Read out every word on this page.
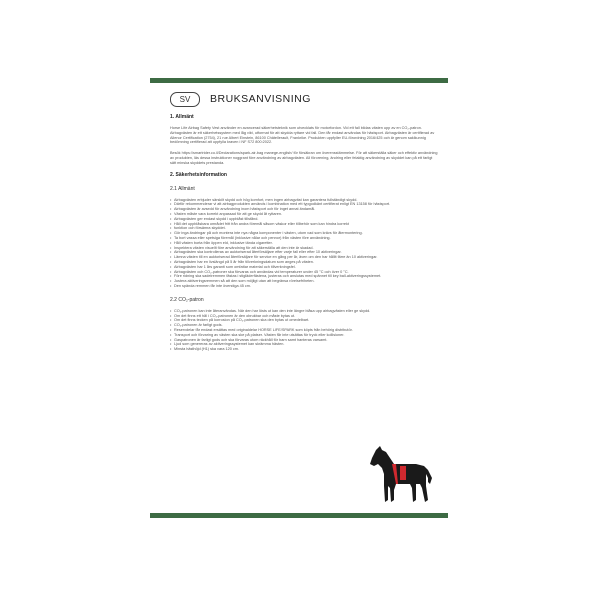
SV	BRUKSANVISNING
1. Allmänt
Horse Life Airbag Safety Vest använder en avancerad säkerhetsteknik som utvecklats för motorfordon. Vid ett fall bildas västen upp av en CO₂-patron. Airbagvästen är ett säkerhetssystem med låg vikt, utformat för att skydda ryttare vid fall. Den får endast användas för hästsport. Airbagvästen är certifierad av Allenor Certification (2754), 21 rue Albert Einstein, 86100 Châtellerault, Frankrike. Produkten uppfyller EU-förordning 2016/425 och är genom saklkunnig bedömning certifierad att uppfylla kraven i NF S72 800:2022.
Besök https://smartrider.co.il/Declarations/spark-air-bag manege-english/ för försäkran om överensstämmelse. För att säkerställa säker och effektiv användning av produkten, läs dessa instruktioner noggrant före användning av airbagvästen. All förorening, ändring eller felaktig användning av skyddet kan på ett farligt sätt minska skyddets prestanda.
2. Säkerhetsinformation
2.1 Allmänt
• Airbagvästen erbjuder särskilt skydd och hög komfort, men ingen airbagväst kan garantera fullständigt skydd.
• Därför rekommenderar vi att airbagprodukten används i kombination med ett typgodkänt certifierat enligt EN 13158 för hästsport.
• Airbagvästen är avsedd för användning inom hästsport och för inget annat ändamål.
• Västen måste vara korrekt anpassad för att ge skydd åt ryttaren.
• Airbagvästen ger endast skydd i uppblåst tillstånd.
• Håll det uppblåsbara området fritt från andra föremål såsom väskor eller tillbehör som kan hindra korrekt
• funktion och försämra skyddet.
• Gör inga ändringar på och montera inte nya några komponenter i västen, utom vad som krävs för återmontering.
• Ta bort vassa eller spetsiga föremål (inklusive nålar och pennor) från västen före användning.
• Håll västen borta från öppen eld, inklusive tända cigaretter.
• Inspektera västen visuellt före användning för att säkerställa att den inte är skadad.
• Airbagvästen ska kontrolleras av auktoriserad återförsäljare efter varje fall eller efter 10 aktiveringar.
• Lämna västen till en auktoriserad återförsäljare för service en gång per år, även om den har hållit färre än 10 aktiveringar.
• Airbagvästen har en livslängd på 5 år från tillverkningsdatum som anges på västen.
• Airbagvästen har 1 års garanti som omfattar material och tillverkningsfel.
• Airbagvästen och CO₂-patroner ska förvaras och användas vid temperaturer under 45 °C och över 0 °C.
• Före ridning ska sadelremmen fästas i stigläderfästena, justeras och anslutas med spännet till key ball-aktiveringssystemet.
• Justera aktiveringsremmen så att den som möjligt utan att begränsa rörelsefriheten.
• Den spända remmen får inte överstiga 45 cm.
2.2 CO₂-patron
• CO₂-patronen kan inte återanvändas. När den har lösts ut kan den inte längre blåsa upp airbagvästen eller ge skydd.
• Om det finns ett hål i CO₂-patronen är den obrukbar och måste bytas ut.
• Om det finns tecken på korrosion på CO₂-patronen ska den bytas ut omedelbart.
• CO₂-patronen är farligt gods.
• Reservdelar får endast ersättas med originaldelar HORSE LIFE/SPARK som köpts från behörig distributör.
• Transport och förvaring av västen ska ske på platser. Västen får inte utsättas för tryck eller kollisioner.
• Gaspatronen är farligt gods och ska förvaras utom räckhåll för barn samt hanteras varsamt.
• Ljud som genereras av aktiveringssystemet kan skrämma hästen.
• Minsta hästhöjd (H1) ska vara 120 cm.
